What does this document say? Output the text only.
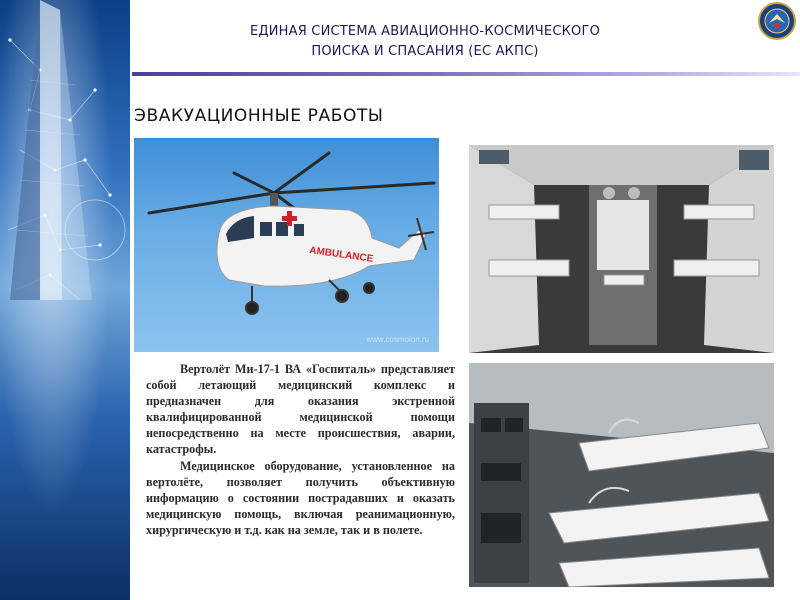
ЕДИНАЯ СИСТЕМА АВИАЦИОННО-КОСМИЧЕСКОГО
ПОИСКА И СПАСАНИЯ (ЕС АКПС)
ЭВАКУАЦИОННЫЕ РАБОТЫ
AMBULANCE
www.cosmoion.ru

Вертолёт Ми-17-1 ВА «Госпиталь» представляет собой летающий медицинский комплекс и предназначен для оказания экстренной квалифицированной медицинской помощи непосредственно на месте происшествия, аварии, катастрофы.

Медицинское оборудование, установленное на вертолёте, позволяет получить объективную информацию о состоянии пострадавших и оказать медицинскую помощь, включая реанимационную, хирургическую и т.д. как на земле, так и в полете.
